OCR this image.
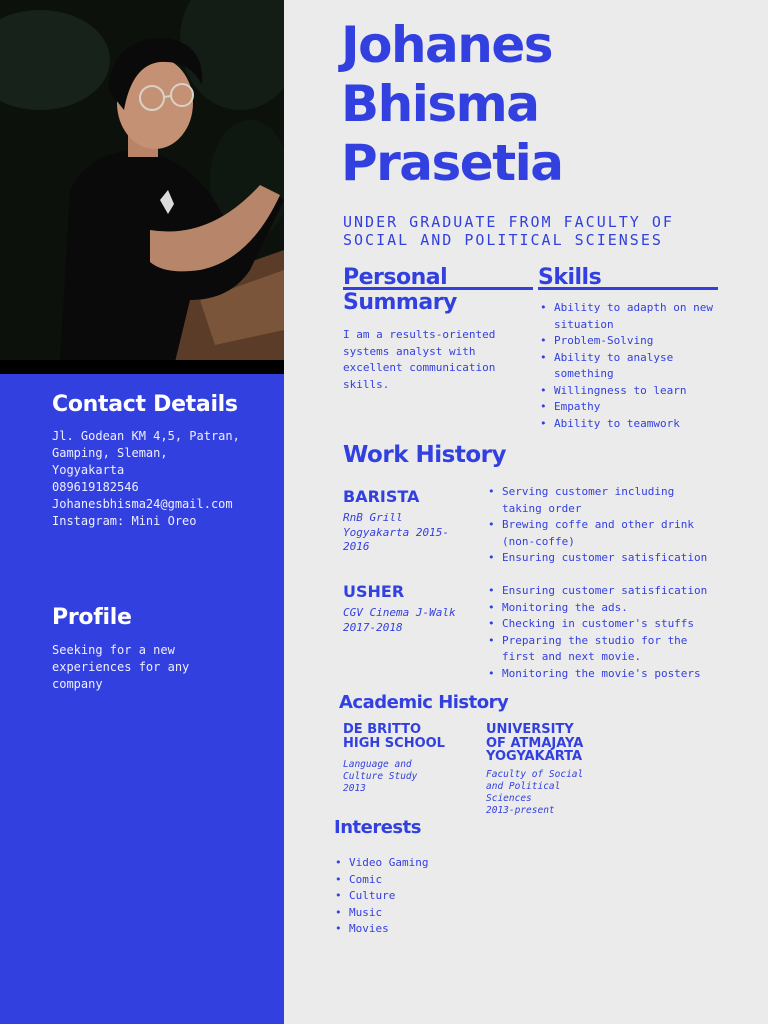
Contact Details
Jl. Godean KM 4,5, Patran,
Gamping, Sleman,
Yogyakarta
089619182546
Johanesbhisma24@gmail.com
Instagram: Mini Oreo
Profile
Seeking for a new
experiences for any
company
Johanes
Bhisma
Prasetia

UNDER GRADUATE FROM FACULTY OF SOCIAL AND POLITICAL SCIENSES

Personal
Summary
I am a results-oriented
systems analyst with
excellent communication
skills.
Skills
• Ability to adapth on new
situation
• Problem-Solving
• Ability to analyse
something
• Willingness to learn
• Empathy
• Ability to teamwork
Work History
BARISTA
RnB Grill
Yogyakarta 2015-
2016
• Serving customer including
taking order
• Brewing coffe and other drink
(non-coffe)
• Ensuring customer satisfication
USHER
CGV Cinema J-Walk
2017-2018
• Ensuring customer satisfication
• Monitoring the ads.
• Checking in customer's stuffs
• Preparing the studio for the
first and next movie.
• Monitoring the movie's posters
Academic History
DE BRITTO
HIGH SCHOOL
Language and
Culture Study
2013
UNIVERSITY
OF ATMAJAYA
YOGYAKARTA
Faculty of Social
and Political
Sciences
2013-present
Interests
• Video Gaming
• Comic
• Culture
• Music
• Movies
